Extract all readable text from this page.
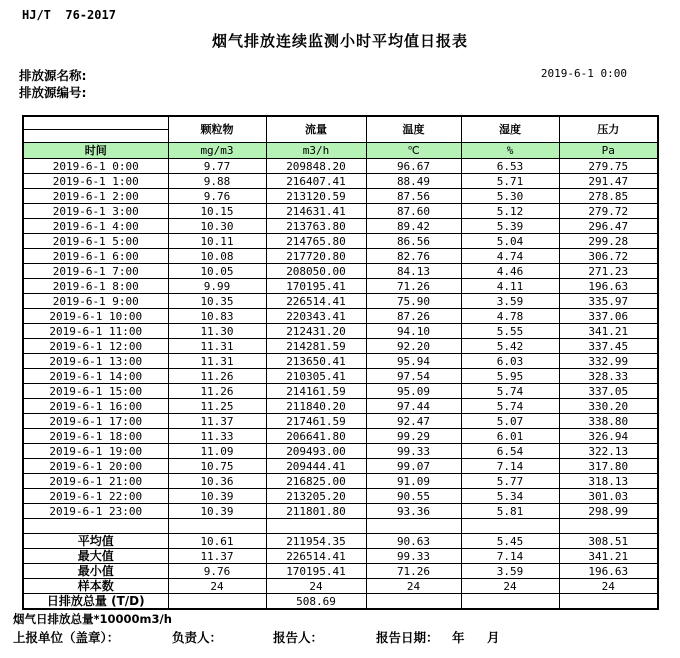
HJ/T  76-2017
烟气排放连续监测小时平均值日报表
排放源名称:
排放源编号:
2019-6-1 0:00
	颗粒物	流量	温度	湿度	压力

时间	mg/m3	m3/h	℃	%	Pa
2019-6-1 0:00	9.77	209848.20	96.67	6.53	279.75
2019-6-1 1:00	9.88	216407.41	88.49	5.71	291.47
2019-6-1 2:00	9.76	213120.59	87.56	5.30	278.85
2019-6-1 3:00	10.15	214631.41	87.60	5.12	279.72
2019-6-1 4:00	10.30	213763.80	89.42	5.39	296.47
2019-6-1 5:00	10.11	214765.80	86.56	5.04	299.28
2019-6-1 6:00	10.08	217720.80	82.76	4.74	306.72
2019-6-1 7:00	10.05	208050.00	84.13	4.46	271.23
2019-6-1 8:00	9.99	170195.41	71.26	4.11	196.63
2019-6-1 9:00	10.35	226514.41	75.90	3.59	335.97
2019-6-1 10:00	10.83	220343.41	87.26	4.78	337.06
2019-6-1 11:00	11.30	212431.20	94.10	5.55	341.21
2019-6-1 12:00	11.31	214281.59	92.20	5.42	337.45
2019-6-1 13:00	11.31	213650.41	95.94	6.03	332.99
2019-6-1 14:00	11.26	210305.41	97.54	5.95	328.33
2019-6-1 15:00	11.26	214161.59	95.09	5.74	337.05
2019-6-1 16:00	11.25	211840.20	97.44	5.74	330.20
2019-6-1 17:00	11.37	217461.59	92.47	5.07	338.80
2019-6-1 18:00	11.33	206641.80	99.29	6.01	326.94
2019-6-1 19:00	11.09	209493.00	99.33	6.54	322.13
2019-6-1 20:00	10.75	209444.41	99.07	7.14	317.80
2019-6-1 21:00	10.36	216825.00	91.09	5.77	318.13
2019-6-1 22:00	10.39	213205.20	90.55	5.34	301.03
2019-6-1 23:00	10.39	211801.80	93.36	5.81	298.99

平均值	10.61	211954.35	90.63	5.45	308.51
最大值	11.37	226514.41	99.33	7.14	341.21
最小值	9.76	170195.41	71.26	3.59	196.63
样本数	24	24	24	24	24
日排放总量 (T/D)		508.69			
烟气日排放总量*10000m3/h
上报单位（盖章）：	负责人：	报告人：	报告日期： 年 月
